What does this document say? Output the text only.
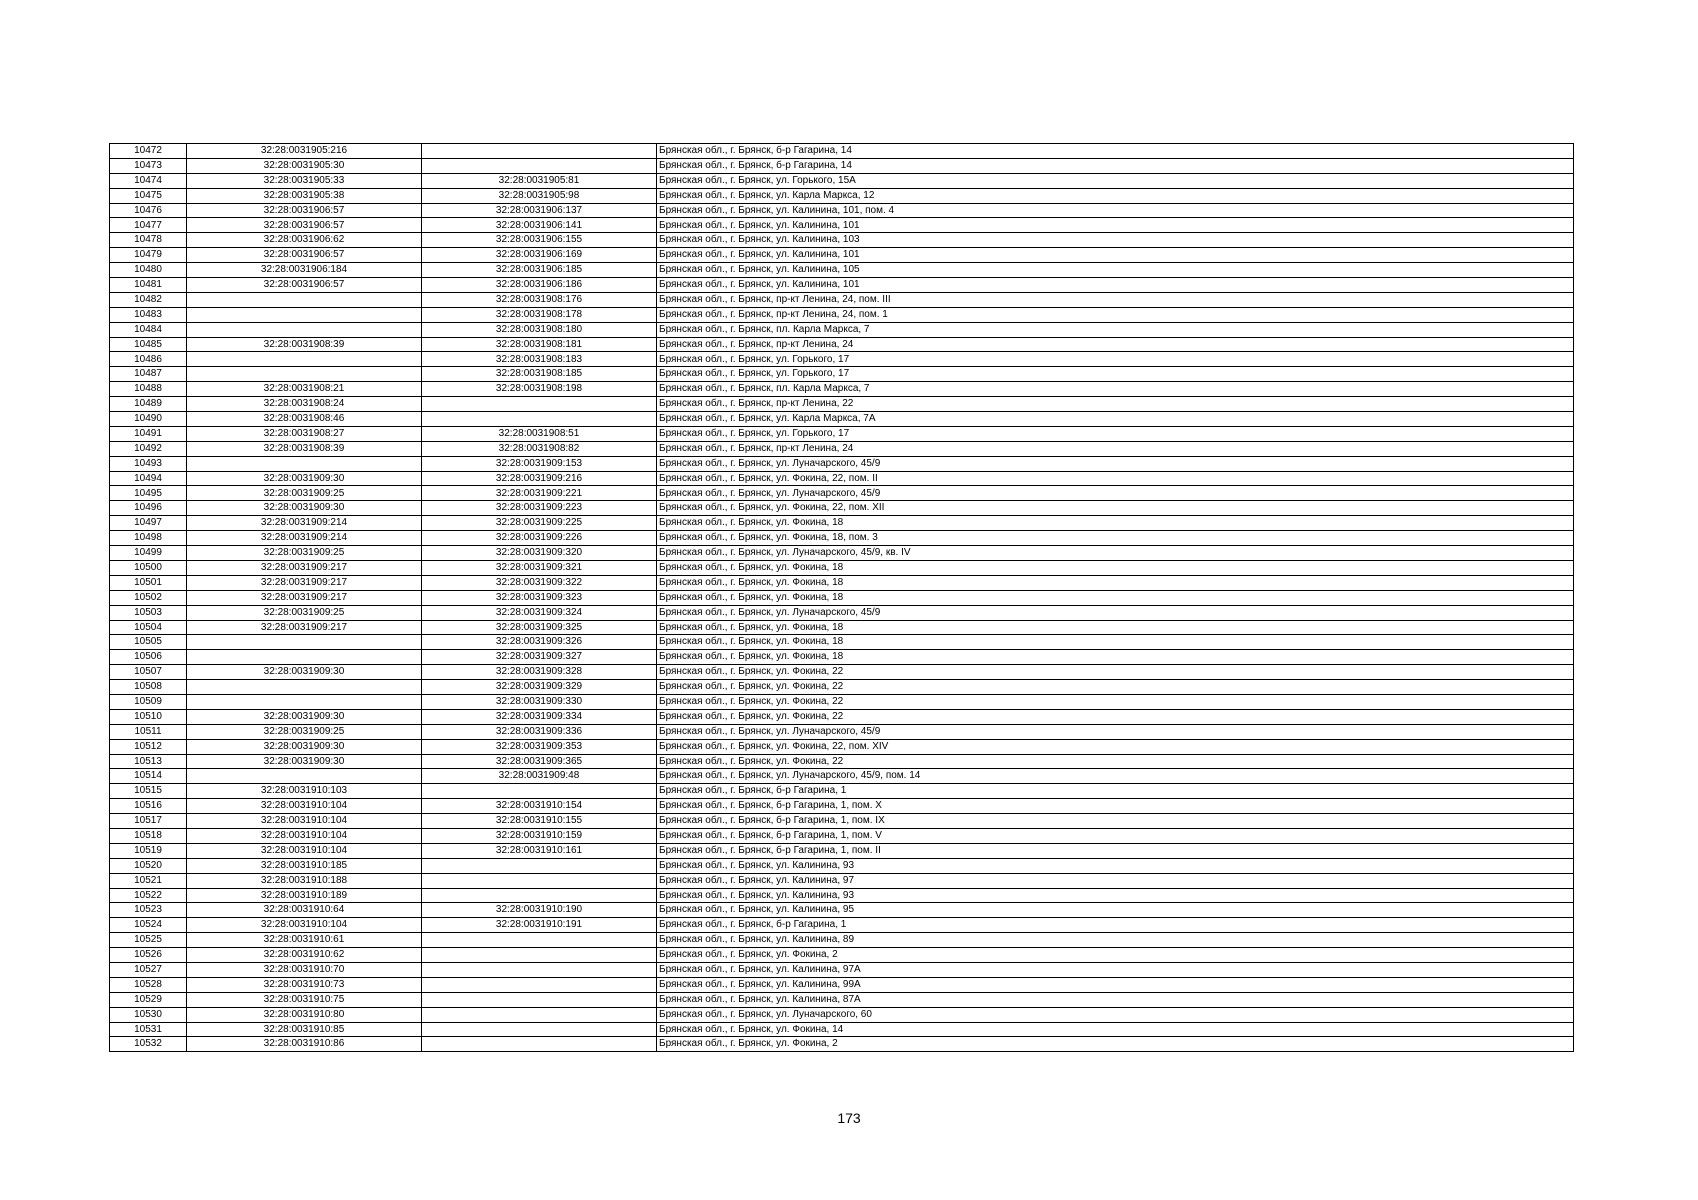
10472	32:28:0031905:216		Брянская обл., г. Брянск, б-р Гагарина, 14
10473	32:28:0031905:30		Брянская обл., г. Брянск, б-р Гагарина, 14
10474	32:28:0031905:33	32:28:0031905:81	Брянская обл., г. Брянск, ул. Горького, 15А
10475	32:28:0031905:38	32:28:0031905:98	Брянская обл., г. Брянск, ул. Карла Маркса, 12
10476	32:28:0031906:57	32:28:0031906:137	Брянская обл., г. Брянск, ул. Калинина, 101, пом. 4
10477	32:28:0031906:57	32:28:0031906:141	Брянская обл., г. Брянск, ул. Калинина, 101
10478	32:28:0031906:62	32:28:0031906:155	Брянская обл., г. Брянск, ул. Калинина, 103
10479	32:28:0031906:57	32:28:0031906:169	Брянская обл., г. Брянск, ул. Калинина, 101
10480	32:28:0031906:184	32:28:0031906:185	Брянская обл., г. Брянск, ул. Калинина, 105
10481	32:28:0031906:57	32:28:0031906:186	Брянская обл., г. Брянск, ул. Калинина, 101
10482		32:28:0031908:176	Брянская обл., г. Брянск, пр-кт Ленина, 24, пом. III
10483		32:28:0031908:178	Брянская обл., г. Брянск, пр-кт Ленина, 24, пом. 1
10484		32:28:0031908:180	Брянская обл., г. Брянск, пл. Карла Маркса, 7
10485	32:28:0031908:39	32:28:0031908:181	Брянская обл., г. Брянск, пр-кт Ленина, 24
10486		32:28:0031908:183	Брянская обл., г. Брянск, ул. Горького, 17
10487		32:28:0031908:185	Брянская обл., г. Брянск, ул. Горького, 17
10488	32:28:0031908:21	32:28:0031908:198	Брянская обл., г. Брянск, пл. Карла Маркса, 7
10489	32:28:0031908:24		Брянская обл., г. Брянск, пр-кт Ленина, 22
10490	32:28:0031908:46		Брянская обл., г. Брянск, ул. Карла Маркса, 7А
10491	32:28:0031908:27	32:28:0031908:51	Брянская обл., г. Брянск, ул. Горького, 17
10492	32:28:0031908:39	32:28:0031908:82	Брянская обл., г. Брянск, пр-кт Ленина, 24
10493		32:28:0031909:153	Брянская обл., г. Брянск, ул. Луначарского, 45/9
10494	32:28:0031909:30	32:28:0031909:216	Брянская обл., г. Брянск, ул. Фокина, 22, пом. II
10495	32:28:0031909:25	32:28:0031909:221	Брянская обл., г. Брянск, ул. Луначарского, 45/9
10496	32:28:0031909:30	32:28:0031909:223	Брянская обл., г. Брянск, ул. Фокина, 22, пом. XII
10497	32:28:0031909:214	32:28:0031909:225	Брянская обл., г. Брянск, ул. Фокина, 18
10498	32:28:0031909:214	32:28:0031909:226	Брянская обл., г. Брянск, ул. Фокина, 18, пом. 3
10499	32:28:0031909:25	32:28:0031909:320	Брянская обл., г. Брянск, ул. Луначарского, 45/9, кв. IV
10500	32:28:0031909:217	32:28:0031909:321	Брянская обл., г. Брянск, ул. Фокина, 18
10501	32:28:0031909:217	32:28:0031909:322	Брянская обл., г. Брянск, ул. Фокина, 18
10502	32:28:0031909:217	32:28:0031909:323	Брянская обл., г. Брянск, ул. Фокина, 18
10503	32:28:0031909:25	32:28:0031909:324	Брянская обл., г. Брянск, ул. Луначарского, 45/9
10504	32:28:0031909:217	32:28:0031909:325	Брянская обл., г. Брянск, ул. Фокина, 18
10505		32:28:0031909:326	Брянская обл., г. Брянск, ул. Фокина, 18
10506		32:28:0031909:327	Брянская обл., г. Брянск, ул. Фокина, 18
10507	32:28:0031909:30	32:28:0031909:328	Брянская обл., г. Брянск, ул. Фокина, 22
10508		32:28:0031909:329	Брянская обл., г. Брянск, ул. Фокина, 22
10509		32:28:0031909:330	Брянская обл., г. Брянск, ул. Фокина, 22
10510	32:28:0031909:30	32:28:0031909:334	Брянская обл., г. Брянск, ул. Фокина, 22
10511	32:28:0031909:25	32:28:0031909:336	Брянская обл., г. Брянск, ул. Луначарского, 45/9
10512	32:28:0031909:30	32:28:0031909:353	Брянская обл., г. Брянск, ул. Фокина, 22, пом. XIV
10513	32:28:0031909:30	32:28:0031909:365	Брянская обл., г. Брянск, ул. Фокина, 22
10514		32:28:0031909:48	Брянская обл., г. Брянск, ул. Луначарского, 45/9, пом. 14
10515	32:28:0031910:103		Брянская обл., г. Брянск, б-р Гагарина, 1
10516	32:28:0031910:104	32:28:0031910:154	Брянская обл., г. Брянск, б-р Гагарина, 1, пом. X
10517	32:28:0031910:104	32:28:0031910:155	Брянская обл., г. Брянск, б-р Гагарина, 1, пом. IX
10518	32:28:0031910:104	32:28:0031910:159	Брянская обл., г. Брянск, б-р Гагарина, 1, пом. V
10519	32:28:0031910:104	32:28:0031910:161	Брянская обл., г. Брянск, б-р Гагарина, 1, пом. II
10520	32:28:0031910:185		Брянская обл., г. Брянск, ул. Калинина, 93
10521	32:28:0031910:188		Брянская обл., г. Брянск, ул. Калинина, 97
10522	32:28:0031910:189		Брянская обл., г. Брянск, ул. Калинина, 93
10523	32:28:0031910:64	32:28:0031910:190	Брянская обл., г. Брянск, ул. Калинина, 95
10524	32:28:0031910:104	32:28:0031910:191	Брянская обл., г. Брянск, б-р Гагарина, 1
10525	32:28:0031910:61		Брянская обл., г. Брянск, ул. Калинина, 89
10526	32:28:0031910:62		Брянская обл., г. Брянск, ул. Фокина, 2
10527	32:28:0031910:70		Брянская обл., г. Брянск, ул. Калинина, 97А
10528	32:28:0031910:73		Брянская обл., г. Брянск, ул. Калинина, 99А
10529	32:28:0031910:75		Брянская обл., г. Брянск, ул. Калинина, 87А
10530	32:28:0031910:80		Брянская обл., г. Брянск, ул. Луначарского, 60
10531	32:28:0031910:85		Брянская обл., г. Брянск, ул. Фокина, 14
10532	32:28:0031910:86		Брянская обл., г. Брянск, ул. Фокина, 2
173
